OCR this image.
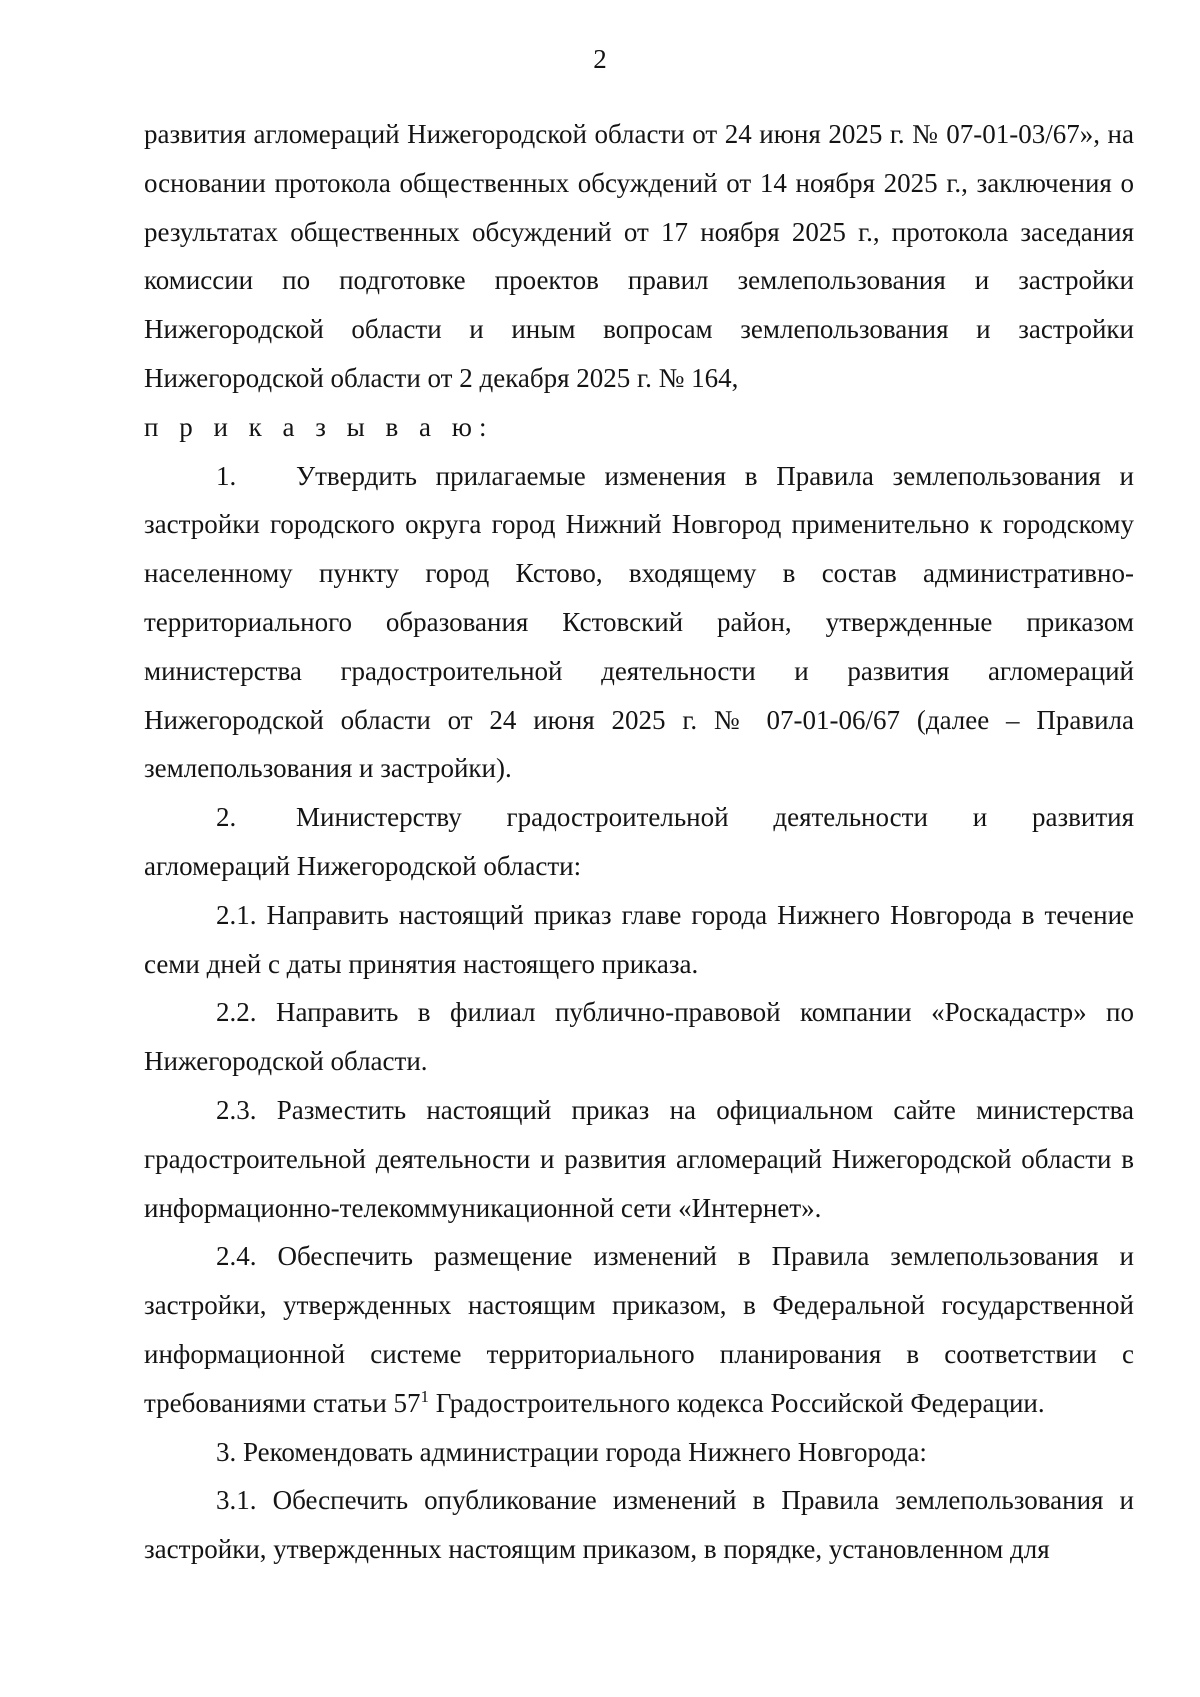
2

развития агломераций Нижегородской области от 24 июня 2025 г. № 07-01-03/67», на основании протокола общественных обсуждений от 14 ноября 2025 г., заключения о результатах общественных обсуждений от 17 ноября 2025 г., протокола заседания комиссии по подготовке проектов правил землепользования и застройки Нижегородской области и иным вопросам землепользования и застройки Нижегородской области от 2 декабря 2025 г. № 164,

п р и к а з ы в а ю:

1. Утвердить прилагаемые изменения в Правила землепользования и застройки городского округа город Нижний Новгород применительно к городскому населенному пункту город Кстово, входящему в состав административно-территориального образования Кстовский район, утвержденные приказом министерства градостроительной деятельности и развития агломераций Нижегородской области от 24 июня 2025 г. № 07-01-06/67 (далее – Правила землепользования и застройки).

2. Министерству градостроительной деятельности и развития агломераций Нижегородской области:

2.1. Направить настоящий приказ главе города Нижнего Новгорода в течение семи дней с даты принятия настоящего приказа.

2.2. Направить в филиал публично-правовой компании «Роскадастр» по Нижегородской области.

2.3. Разместить настоящий приказ на официальном сайте министерства градостроительной деятельности и развития агломераций Нижегородской области в информационно-телекоммуникационной сети «Интернет».

2.4. Обеспечить размещение изменений в Правила землепользования и застройки, утвержденных настоящим приказом, в Федеральной государственной информационной системе территориального планирования в соответствии с требованиями статьи $57^1$ Градостроительного кодекса Российской Федерации.

3. Рекомендовать администрации города Нижнего Новгорода:

3.1. Обеспечить опубликование изменений в Правила землепользования и застройки, утвержденных настоящим приказом, в порядке, установленном для
